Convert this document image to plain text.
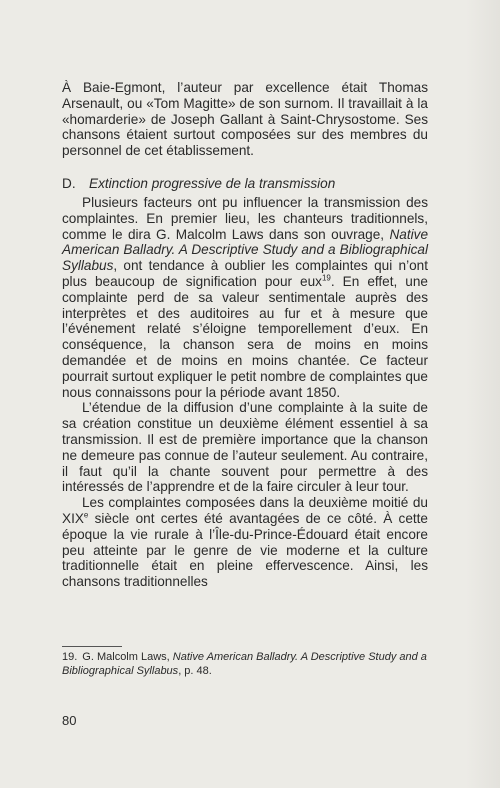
À Baie-Egmont, l’auteur par excellence était Thomas Arsenault, ou «Tom Magitte» de son surnom. Il travaillait à la «homarderie» de Joseph Gallant à Saint-Chrysostome. Ses chansons étaient surtout composées sur des membres du personnel de cet établissement.

D. Extinction progressive de la transmission

Plusieurs facteurs ont pu influencer la transmission des complaintes. En premier lieu, les chanteurs traditionnels, comme le dira G. Malcolm Laws dans son ouvrage, Native American Balladry. A Descriptive Study and a Bibliographical Syllabus, ont tendance à oublier les complaintes qui n’ont plus beaucoup de signification pour eux$^{19}$. En effet, une complainte perd de sa valeur sentimentale auprès des interprètes et des auditoires au fur et à mesure que l’événement relaté s’éloigne temporellement d’eux. En conséquence, la chanson sera de moins en moins demandée et de moins en moins chantée. Ce facteur pourrait surtout expliquer le petit nombre de complaintes que nous connaissons pour la période avant 1850.

L’étendue de la diffusion d’une complainte à la suite de sa création constitue un deuxième élément essentiel à sa transmission. Il est de première importance que la chanson ne demeure pas connue de l’auteur seulement. Au contraire, il faut qu’il la chante souvent pour permettre à des intéressés de l’apprendre et de la faire circuler à leur tour.

Les complaintes composées dans la deuxième moitié du XIXe siècle ont certes été avantagées de ce côté. À cette époque la vie rurale à l’Île-du-Prince-Édouard était encore peu atteinte par le genre de vie moderne et la culture traditionnelle était en pleine effervescence. Ainsi, les chansons traditionnelles

19. G. Malcolm Laws, Native American Balladry. A Descriptive Study and a Bibliographical Syllabus, p. 48.
80
